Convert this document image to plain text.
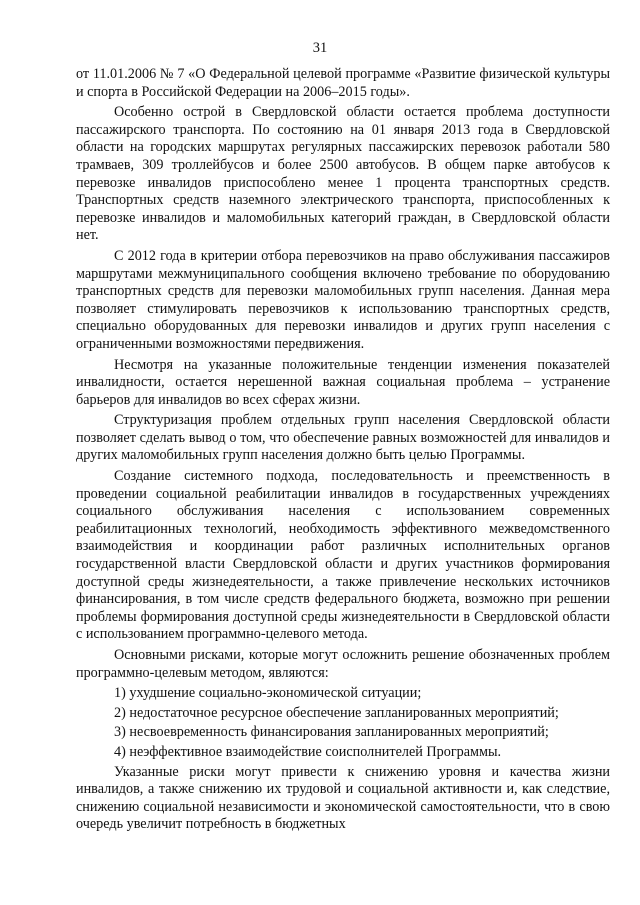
31

от 11.01.2006 № 7 «О Федеральной целевой программе «Развитие физической культуры и спорта в Российской Федерации на 2006–2015 годы».

Особенно острой в Свердловской области остается проблема доступности пассажирского транспорта. По состоянию на 01 января 2013 года в Свердловской области на городских маршрутах регулярных пассажирских перевозок работали 580 трамваев, 309 троллейбусов и более 2500 автобусов. В общем парке автобусов к перевозке инвалидов приспособлено менее 1 процента транспортных средств. Транспортных средств наземного электрического транспорта, приспособленных к перевозке инвалидов и маломобильных категорий граждан, в Свердловской области нет.

С 2012 года в критерии отбора перевозчиков на право обслуживания пассажиров маршрутами межмуниципального сообщения включено требование по оборудованию транспортных средств для перевозки маломобильных групп населения. Данная мера позволяет стимулировать перевозчиков к использованию транспортных средств, специально оборудованных для перевозки инвалидов и других групп населения с ограниченными возможностями передвижения.

Несмотря на указанные положительные тенденции изменения показателей инвалидности, остается нерешенной важная социальная проблема – устранение барьеров для инвалидов во всех сферах жизни.

Структуризация проблем отдельных групп населения Свердловской области позволяет сделать вывод о том, что обеспечение равных возможностей для инвалидов и других маломобильных групп населения должно быть целью Программы.

Создание системного подхода, последовательность и преемственность в проведении социальной реабилитации инвалидов в государственных учреждениях социального обслуживания населения с использованием современных реабилитационных технологий, необходимость эффективного межведомственного взаимодействия и координации работ различных исполнительных органов государственной власти Свердловской области и других участников формирования доступной среды жизнедеятельности, а также привлечение нескольких источников финансирования, в том числе средств федерального бюджета, возможно при решении проблемы формирования доступной среды жизнедеятельности в Свердловской области с использованием программно-целевого метода.

Основными рисками, которые могут осложнить решение обозначенных проблем программно-целевым методом, являются:

1) ухудшение социально-экономической ситуации;

2) недостаточное ресурсное обеспечение запланированных мероприятий;

3) несвоевременность финансирования запланированных мероприятий;

4) неэффективное взаимодействие соисполнителей Программы.

Указанные риски могут привести к снижению уровня и качества жизни инвалидов, а также снижению их трудовой и социальной активности и, как следствие, снижению социальной независимости и экономической самостоятельности, что в свою очередь увеличит потребность в бюджетных
